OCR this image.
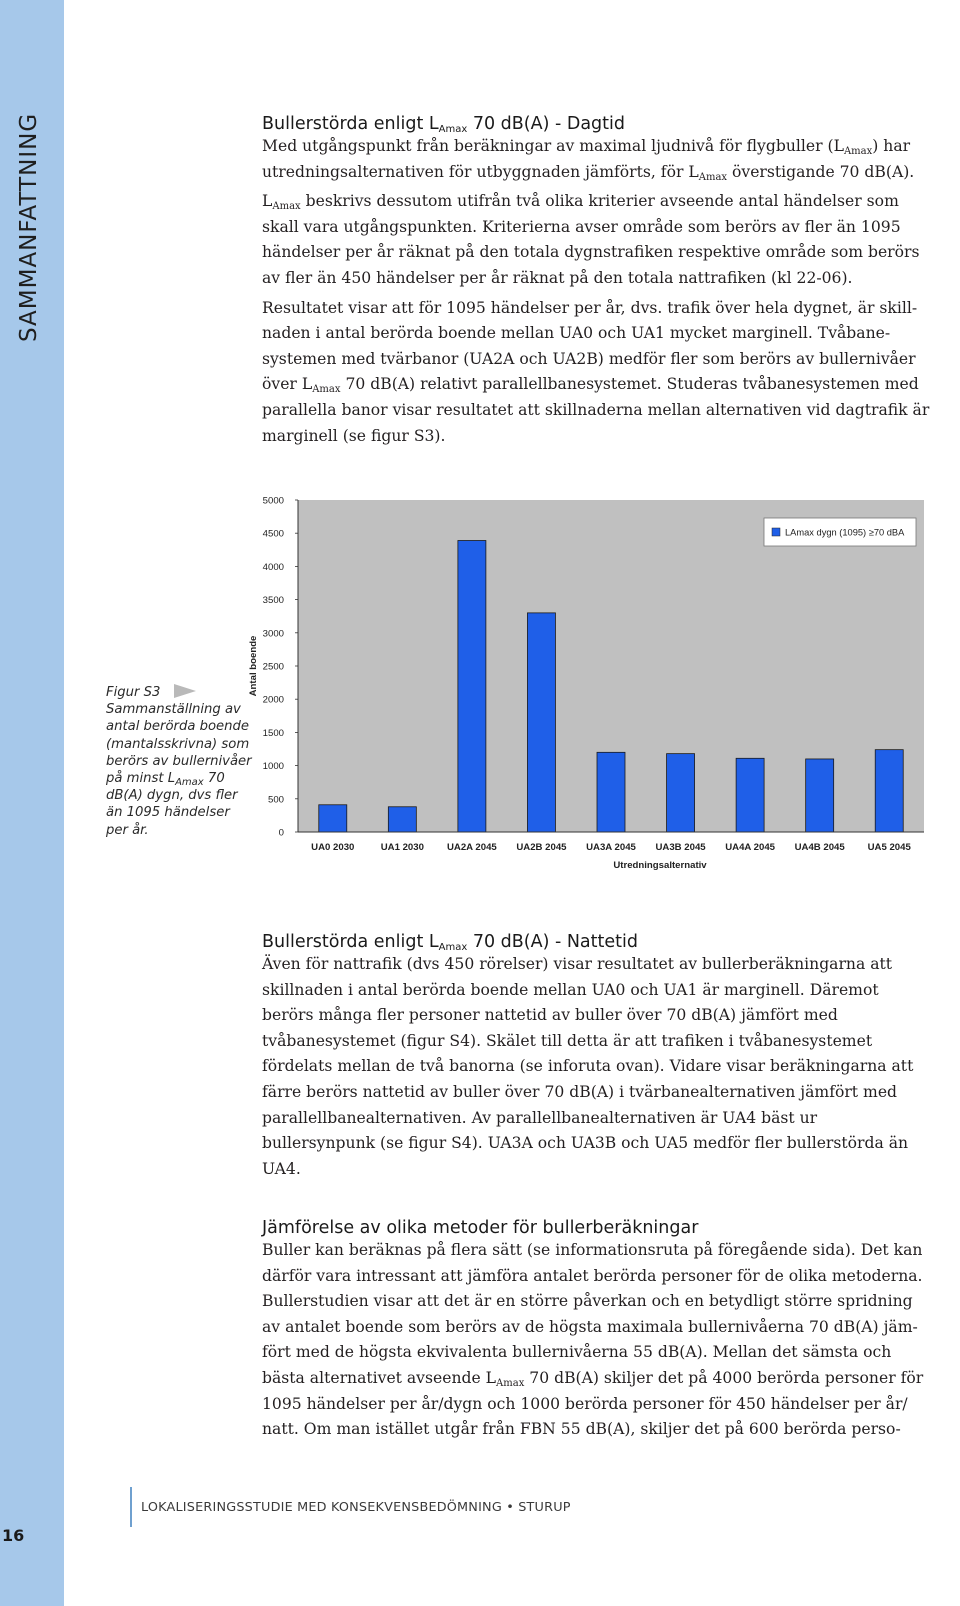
SAMMANFATTNING
16
Bullerstörda enligt $L_{Amax}$ 70 dB(A) - Dagtid
Med utgångspunkt från beräkningar av maximal ljudnivå för flygbuller $(L_{Amax})$ har utredningsalternativen för utbyggnaden jämförts, för $L_{Amax}$ överstigande 70 dB(A).
$L_{Amax}$ beskrivs dessutom utifrån två olika kriterier avseende antal händelser som skall vara utgångspunkten. Kriterierna avser område som berörs av fler än 1095 händelser per år räknat på den totala dygnstrafiken respektive område som berörs av fler än 450 händelser per år räknat på den totala nattrafiken (kl 22-06).
Resultatet visar att för 1095 händelser per år, dvs. trafik över hela dygnet, är skillnaden i antal berörda boende mellan UA0 och UA1 mycket marginell. Tvåbanesystemen med tvärbanor (UA2A och UA2B) medför fler som berörs av bullernivåer över $L_{Amax}$ 70 dB(A) relativt parallellbanesystemet. Studeras tvåbanesystemen med parallella banor visar resultatet att skillnaderna mellan alternativen vid dagtrafik är marginell (se figur S3).
Figur S3
Sammanställning av antal berörda boende (mantalsskrivna) som berörs av bullernivåer på minst $L_{Amax}$ 70 dB(A) dygn, dvs fler än 1095 händelser per år.	0
500
1000
1500
2000
2500
3000
3500
4000
4500
5000
UA0 2030	UA1 2030 UA2A 2045 UA2B 2045 UA3A 2045 UA3B 2045 UA4A 2045 UA4B 2045 UA5 2045
Utredningsalternativ
Antal boende
LAmax dygn (1095) ≥70 dBA
Bullerstörda enligt $L_{Amax}$ 70 dB(A) - Nattetid
Även för nattrafik (dvs 450 rörelser) visar resultatet av bullerberäkningarna att skillnaden i antal berörda boende mellan UA0 och UA1 är marginell. Däremot berörs många fler personer nattetid av buller över 70 dB(A) jämfört med tvåbanesystemet (figur S4). Skälet till detta är att trafiken i tvåbanesystemet fördelats mellan de två banorna (se inforuta ovan). Vidare visar beräkningarna att färre berörs nattetid av buller över 70 dB(A) i tvärbanealternativen jämfört med parallellbanealternativen. Av parallellbanealternativen är UA4 bäst ur bullersynpunk (se figur S4). UA3A och UA3B och UA5 medför fler bullerstörda än UA4.
Jämförelse av olika metoder för bullerberäkningar
Buller kan beräknas på flera sätt (se informationsruta på föregående sida). Det kan därför vara intressant att jämföra antalet berörda personer för de olika metoderna. Bullerstudien visar att det är en större påverkan och en betydligt större spridning av antalet boende som berörs av de högsta maximala bullernivåerna 70 dB(A) jämfört med de högsta ekvivalenta bullernivåerna 55 dB(A). Mellan det sämsta och bästa alternativet avseende $L_{Amax}$ 70 dB(A) skiljer det på 4000 berörda personer för 1095 händelser per år/dygn och 1000 berörda personer för 450 händelser per år/ natt. Om man istället utgår från FBN 55 dB(A), skiljer det på 600 berörda perso-
LOKALISERINGSSTUDIE MED KONSEKVENSBEDÖMNING • STURUP
